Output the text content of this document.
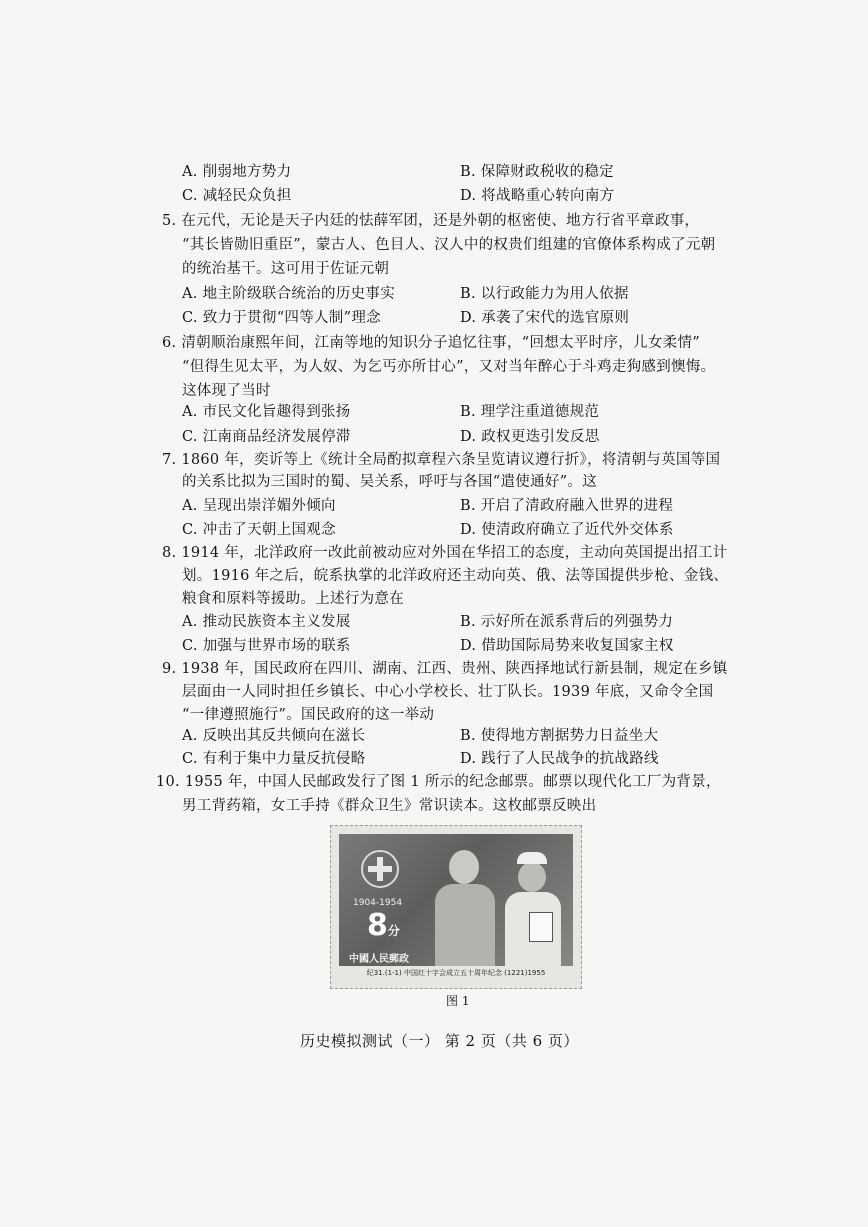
A. 削弱地方势力	B. 保障财政税收的稳定
C. 减轻民众负担	D. 将战略重心转向南方
5. 在元代，无论是天子内廷的怯薛军团，还是外朝的枢密使、地方行省平章政事，
“其长皆勋旧重臣”，蒙古人、色目人、汉人中的权贵们组建的官僚体系构成了元朝
的统治基干。这可用于佐证元朝
A. 地主阶级联合统治的历史事实	B. 以行政能力为用人依据
C. 致力于贯彻“四等人制”理念	D. 承袭了宋代的选官原则
6. 清朝顺治康熙年间，江南等地的知识分子追忆往事，“回想太平时序，儿女柔情”
“但得生见太平，为人奴、为乞丐亦所甘心”，又对当年醉心于斗鸡走狗感到懊悔。
这体现了当时
A. 市民文化旨趣得到张扬	B. 理学注重道德规范
C. 江南商品经济发展停滞	D. 政权更迭引发反思
7. 1860 年，奕䜣等上《统计全局酌拟章程六条呈览请议遵行折》，将清朝与英国等国
的关系比拟为三国时的蜀、吴关系，呼吁与各国“遣使通好”。这
A. 呈现出崇洋媚外倾向	B. 开启了清政府融入世界的进程
C. 冲击了天朝上国观念	D. 使清政府确立了近代外交体系
8. 1914 年，北洋政府一改此前被动应对外国在华招工的态度，主动向英国提出招工计
划。1916 年之后，皖系执掌的北洋政府还主动向英、俄、法等国提供步枪、金钱、
粮食和原料等援助。上述行为意在
A. 推动民族资本主义发展	B. 示好所在派系背后的列强势力
C. 加强与世界市场的联系	D. 借助国际局势来收复国家主权
9. 1938 年，国民政府在四川、湖南、江西、贵州、陕西择地试行新县制，规定在乡镇
层面由一人同时担任乡镇长、中心小学校长、壮丁队长。1939 年底，又命令全国
“一律遵照施行”。国民政府的这一举动
A. 反映出其反共倾向在滋长	B. 使得地方割据势力日益坐大
C. 有利于集中力量反抗侵略	D. 践行了人民战争的抗战路线
10. 1955 年，中国人民邮政发行了图 1 所示的纪念邮票。邮票以现代化工厂为背景，
男工背药箱，女工手持《群众卫生》常识读本。这枚邮票反映出
1904-1954
8分
中國人民郵政
纪31.(1-1) 中国红十字会成立五十周年纪念 (1221)1955
图 1
历史模拟测试（一） 第 2 页（共 6 页）
